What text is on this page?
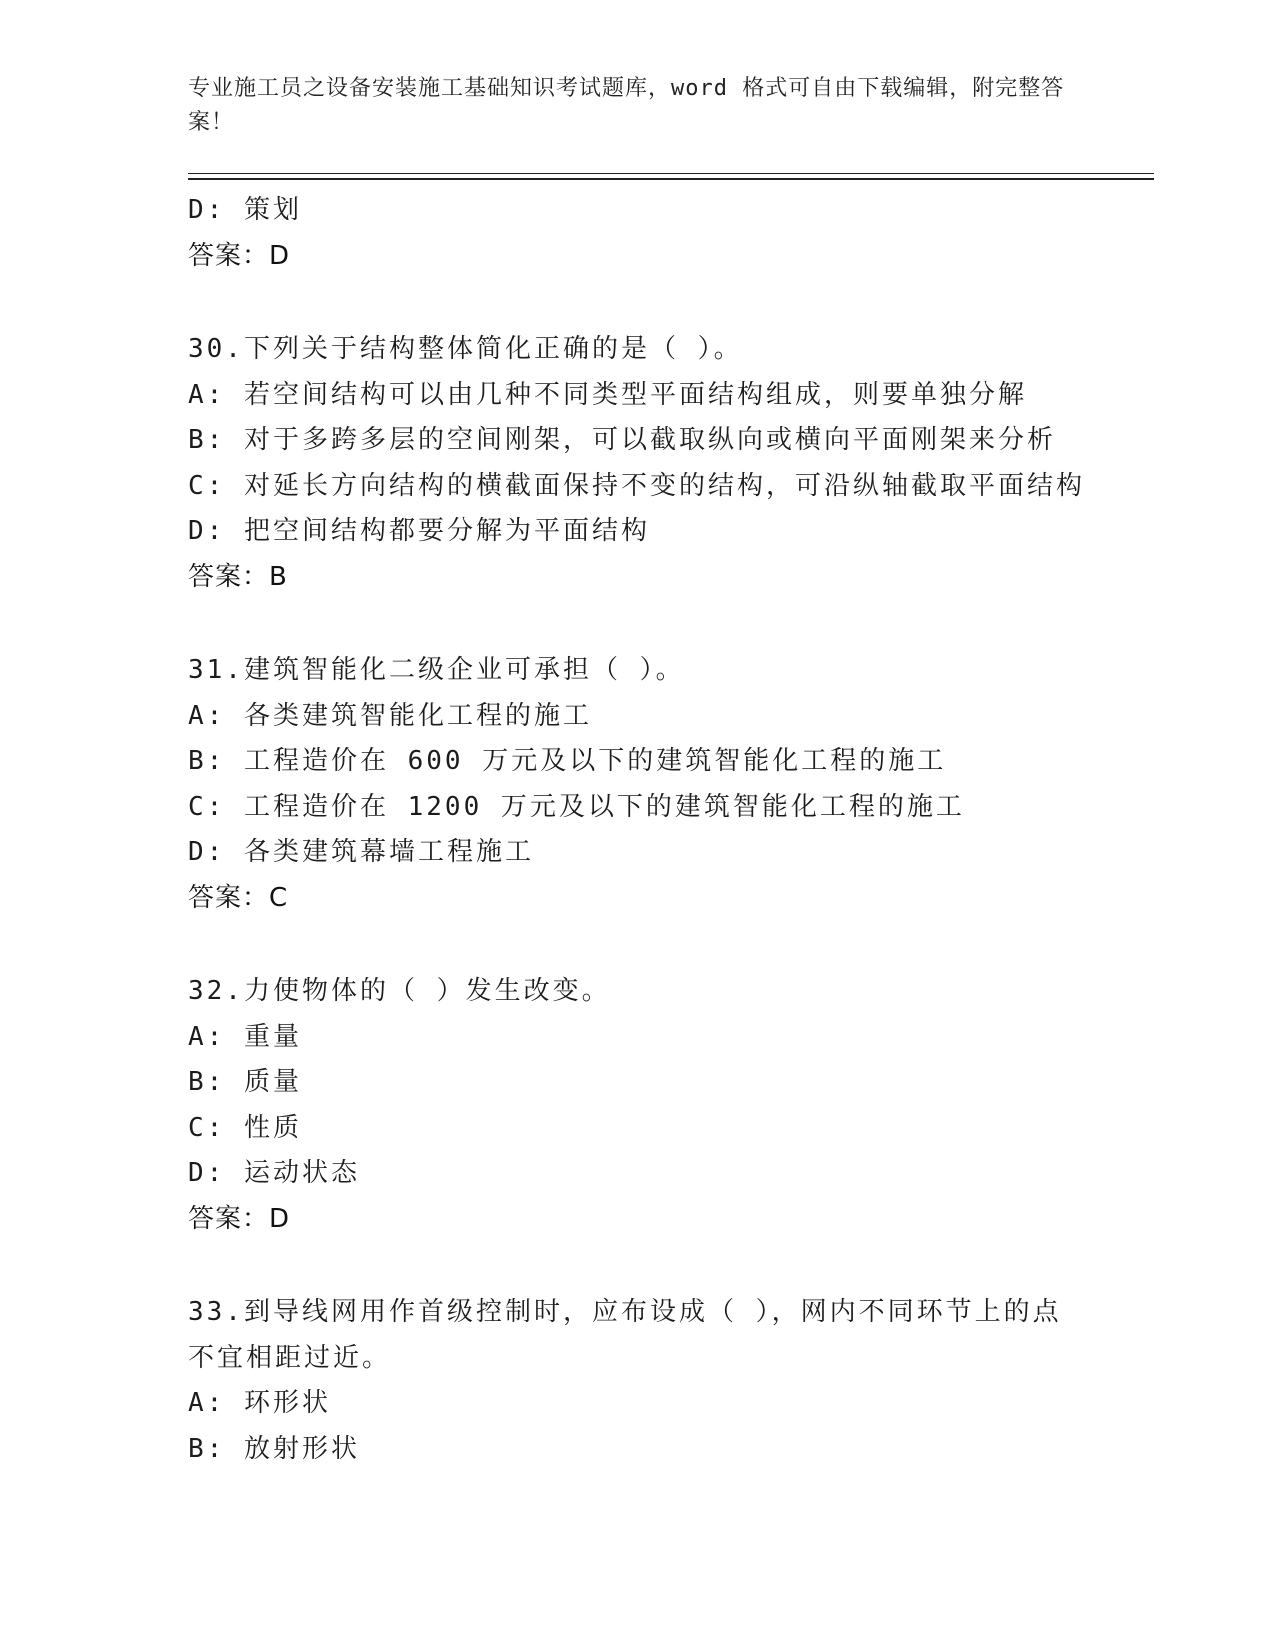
专业施工员之设备安装施工基础知识考试题库，word 格式可自由下载编辑，附完整答案！
D: 策划
答案：D
30.下列关于结构整体简化正确的是（ ）。
A: 若空间结构可以由几种不同类型平面结构组成，则要单独分解
B: 对于多跨多层的空间刚架，可以截取纵向或横向平面刚架来分析
C: 对延长方向结构的横截面保持不变的结构，可沿纵轴截取平面结构
D: 把空间结构都要分解为平面结构
答案：B
31.建筑智能化二级企业可承担（ ）。
A: 各类建筑智能化工程的施工
B: 工程造价在 600 万元及以下的建筑智能化工程的施工
C: 工程造价在 1200 万元及以下的建筑智能化工程的施工
D: 各类建筑幕墙工程施工
答案：C
32.力使物体的（ ）发生改变。
A: 重量
B: 质量
C: 性质
D: 运动状态
答案：D
33.到导线网用作首级控制时，应布设成（ ），网内不同环节上的点不宜相距过近。
A: 环形状
B: 放射形状
